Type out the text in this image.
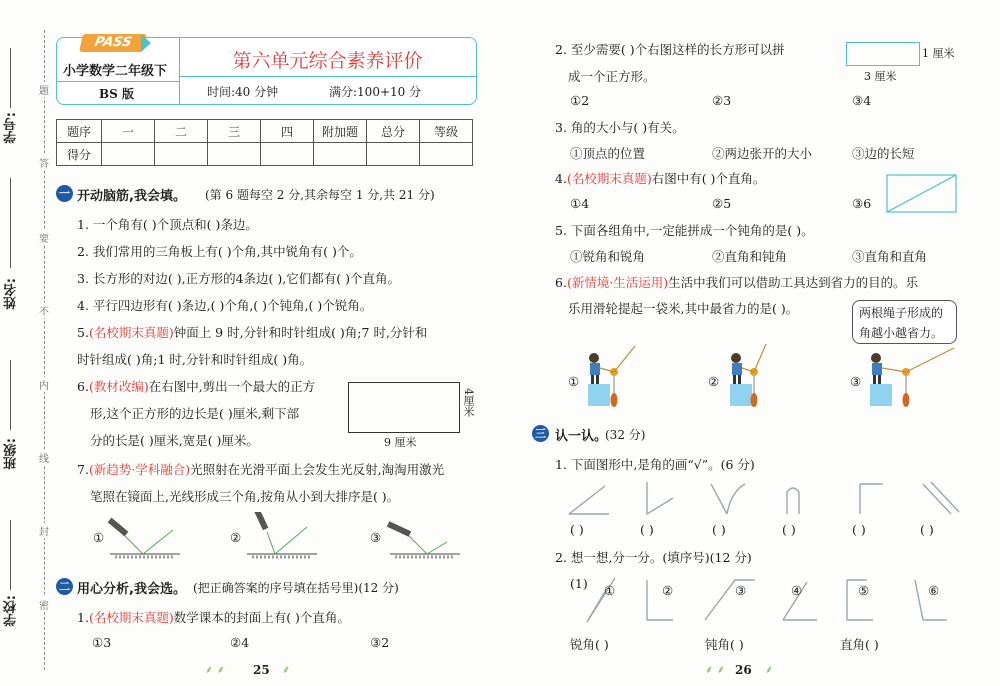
学号:
姓名:
班级:
学校:
题
答
要
不
内
线
封
密
PASS
小学数学二年级下
BS 版
第六单元综合素养评价
时间:40 分钟	满分:100+10 分
题序	一	二	三	四	附加题	总分	等级
得分							
一 开动脑筋,我会填。 (第 6 题每空 2 分,其余每空 1 分,共 21 分)
1. 一个角有( )个顶点和( )条边。
2. 我们常用的三角板上有( )个角,其中锐角有( )个。
3. 长方形的对边( ),正方形的4条边( ),它们都有( )个直角。
4. 平行四边形有( )条边,( )个角,( )个钝角,( )个锐角。
5.(名校期末真题)钟面上 9 时,分针和时针组成( )角;7 时,分针和
时针组成( )角;1 时,分针和时针组成( )角。
6.(教材改编)在右图中,剪出一个最大的正方
形,这个正方形的边长是( )厘米,剩下部
分的长是( )厘米,宽是( )厘米。	9 厘米
4厘米
7.(新趋势·学科融合)光照射在光滑平面上会发生光反射,淘淘用激光
笔照在镜面上,光线形成三个角,按角从小到大排序是( )。
①	②	③
二 用心分析,我会选。 (把正确答案的序号填在括号里)(12 分)
1.(名校期末真题)数学课本的封面上有( )个直角。
①3	②4	③2
⸙ ⸙ 25 ⸙
2. 至少需要( )个右图这样的长方形可以拼
成一个正方形。
1 厘米
3 厘米
①2	②3	③4
3. 角的大小与( )有关。
①顶点的位置	②两边张开的大小	③边的长短
4.(名校期末真题)右图中有( )个直角。
①4	②5	③6
5. 下面各组角中,一定能拼成一个钝角的是( )。
①锐角和锐角	②直角和钝角	③直角和直角
6.(新情境·生活运用)生活中我们可以借助工具达到省力的目的。乐
乐用滑轮提起一袋米,其中最省力的是( )。	两根绳子形成的
角越小越省力。
①	②	③
三 认一认。
(32 分)
1. 下面图形中,是角的画“√”。(6 分)
( )	( )	( )	( )	( )	( )
2. 想一想,分一分。(填序号)(12 分)
(1) ①	②	③	④	⑤	⑥
锐角( )	钝角( )	直角( )
⸙ ⸙ 26 ⸙
